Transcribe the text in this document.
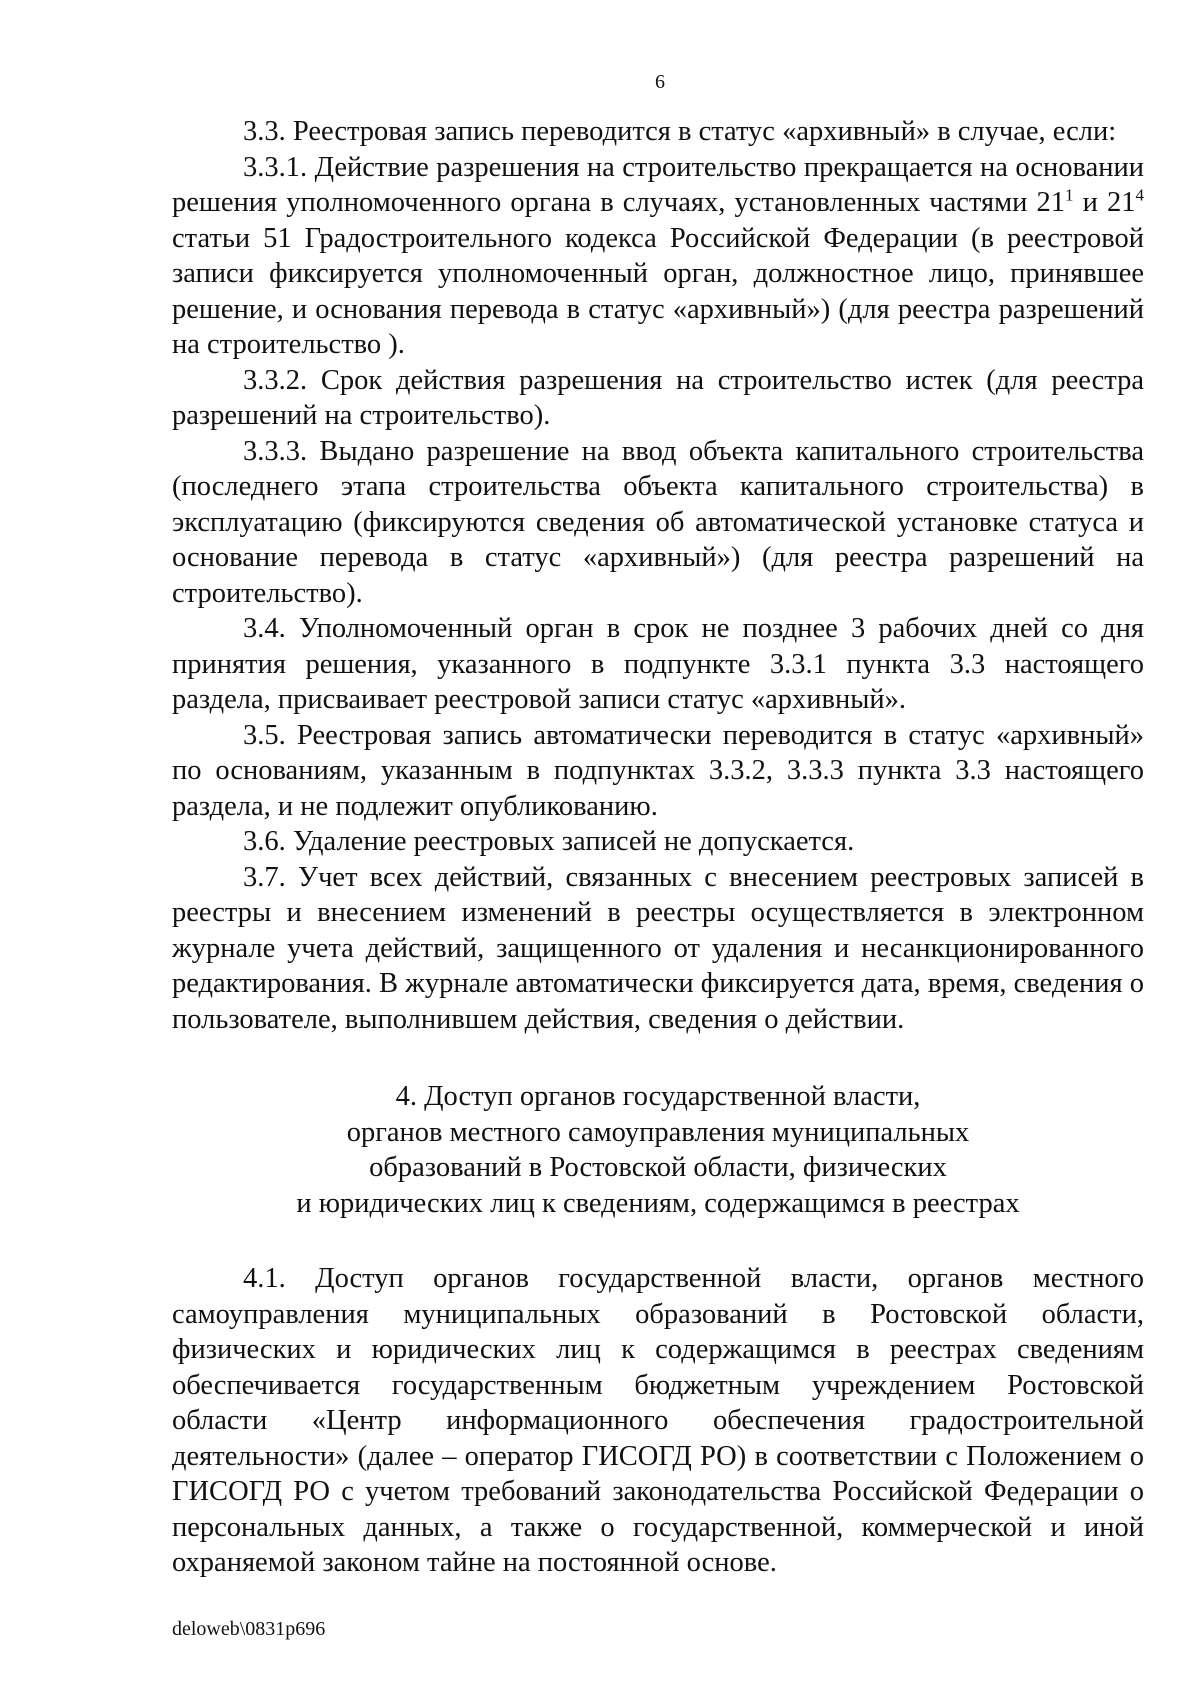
6

3.3. Реестровая запись переводится в статус «архивный» в случае, если:

3.3.1. Действие разрешения на строительство прекращается на основании решения уполномоченного органа в случаях, установленных частями $21^1$ и $21^4$ статьи 51 Градостроительного кодекса Российской Федерации (в реестровой записи фиксируется уполномоченный орган, должностное лицо, принявшее решение, и основания перевода в статус «архивный») (для реестра разрешений на строительство ).

3.3.2. Срок действия разрешения на строительство истек (для реестра разрешений на строительство).

3.3.3. Выдано разрешение на ввод объекта капитального строительства (последнего этапа строительства объекта капитального строительства) в эксплуатацию (фиксируются сведения об автоматической установке статуса и основание перевода в статус «архивный») (для реестра разрешений на строительство).

3.4. Уполномоченный орган в срок не позднее 3 рабочих дней со дня принятия решения, указанного в подпункте 3.3.1 пункта 3.3 настоящего раздела, присваивает реестровой записи статус «архивный».

3.5. Реестровая запись автоматически переводится в статус «архивный» по основаниям, указанным в подпунктах 3.3.2, 3.3.3 пункта 3.3 настоящего раздела, и не подлежит опубликованию.

3.6. Удаление реестровых записей не допускается.

3.7. Учет всех действий, связанных с внесением реестровых записей в реестры и внесением изменений в реестры осуществляется в электронном журнале учета действий, защищенного от удаления и несанкционированного редактирования. В журнале автоматически фиксируется дата, время, сведения о пользователе, выполнившем действия, сведения о действии.

4. Доступ органов государственной власти,
органов местного самоуправления муниципальных
образований в Ростовской области, физических
и юридических лиц к сведениям, содержащимся в реестрах

4.1. Доступ органов государственной власти, органов местного самоуправления муниципальных образований в Ростовской области, физических и юридических лиц к содержащимся в реестрах сведениям обеспечивается государственным бюджетным учреждением Ростовской области «Центр информационного обеспечения градостроительной деятельности» (далее – оператор ГИСОГД РО) в соответствии с Положением о ГИСОГД РО с учетом требований законодательства Российской Федерации о персональных данных, а также о государственной, коммерческой и иной охраняемой законом тайне на постоянной основе.

deloweb\0831p696
